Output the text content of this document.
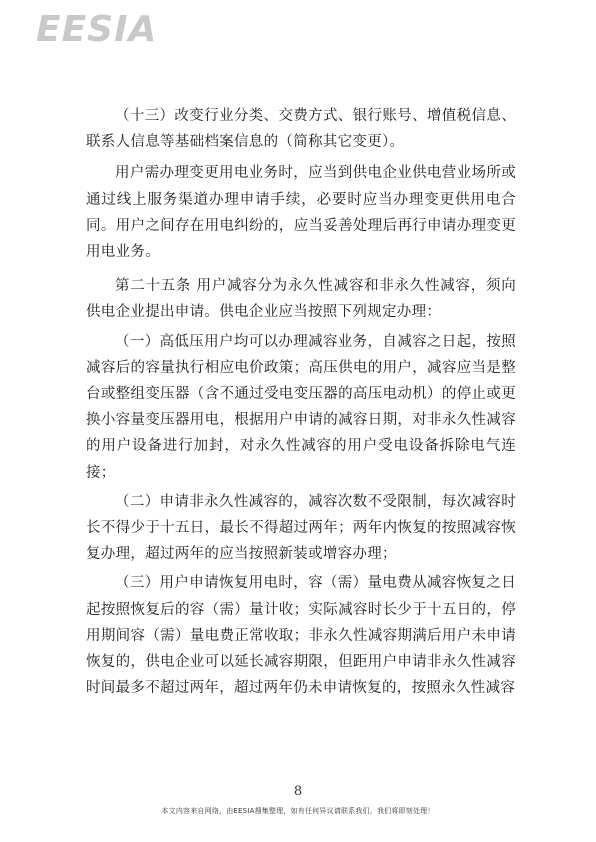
EESIA

（十三）改变行业分类、交费方式、银行账号、增值税信息、联系人信息等基础档案信息的（简称其它变更）。

用户需办理变更用电业务时，应当到供电企业供电营业场所或通过线上服务渠道办理申请手续，必要时应当办理变更供用电合同。用户之间存在用电纠纷的，应当妥善处理后再行申请办理变更用电业务。

第二十五条 用户减容分为永久性减容和非永久性减容，须向供电企业提出申请。供电企业应当按照下列规定办理：

（一）高低压用户均可以办理减容业务，自减容之日起，按照减容后的容量执行相应电价政策；高压供电的用户，减容应当是整台或整组变压器（含不通过受电变压器的高压电动机）的停止或更换小容量变压器用电，根据用户申请的减容日期，对非永久性减容的用户设备进行加封，对永久性减容的用户受电设备拆除电气连接；

（二）申请非永久性减容的，减容次数不受限制，每次减容时长不得少于十五日，最长不得超过两年；两年内恢复的按照减容恢复办理，超过两年的应当按照新装或增容办理；

（三）用户申请恢复用电时，容（需）量电费从减容恢复之日起按照恢复后的容（需）量计收；实际减容时长少于十五日的，停用期间容（需）量电费正常收取；非永久性减容期满后用户未申请恢复的，供电企业可以延长减容期限，但距用户申请非永久性减容时间最多不超过两年，超过两年仍未申请恢复的，按照永久性减容

8
本文内容来自网络，由EESIA搜集整理，如有任何异议请联系我们，我们将即刻处理！
